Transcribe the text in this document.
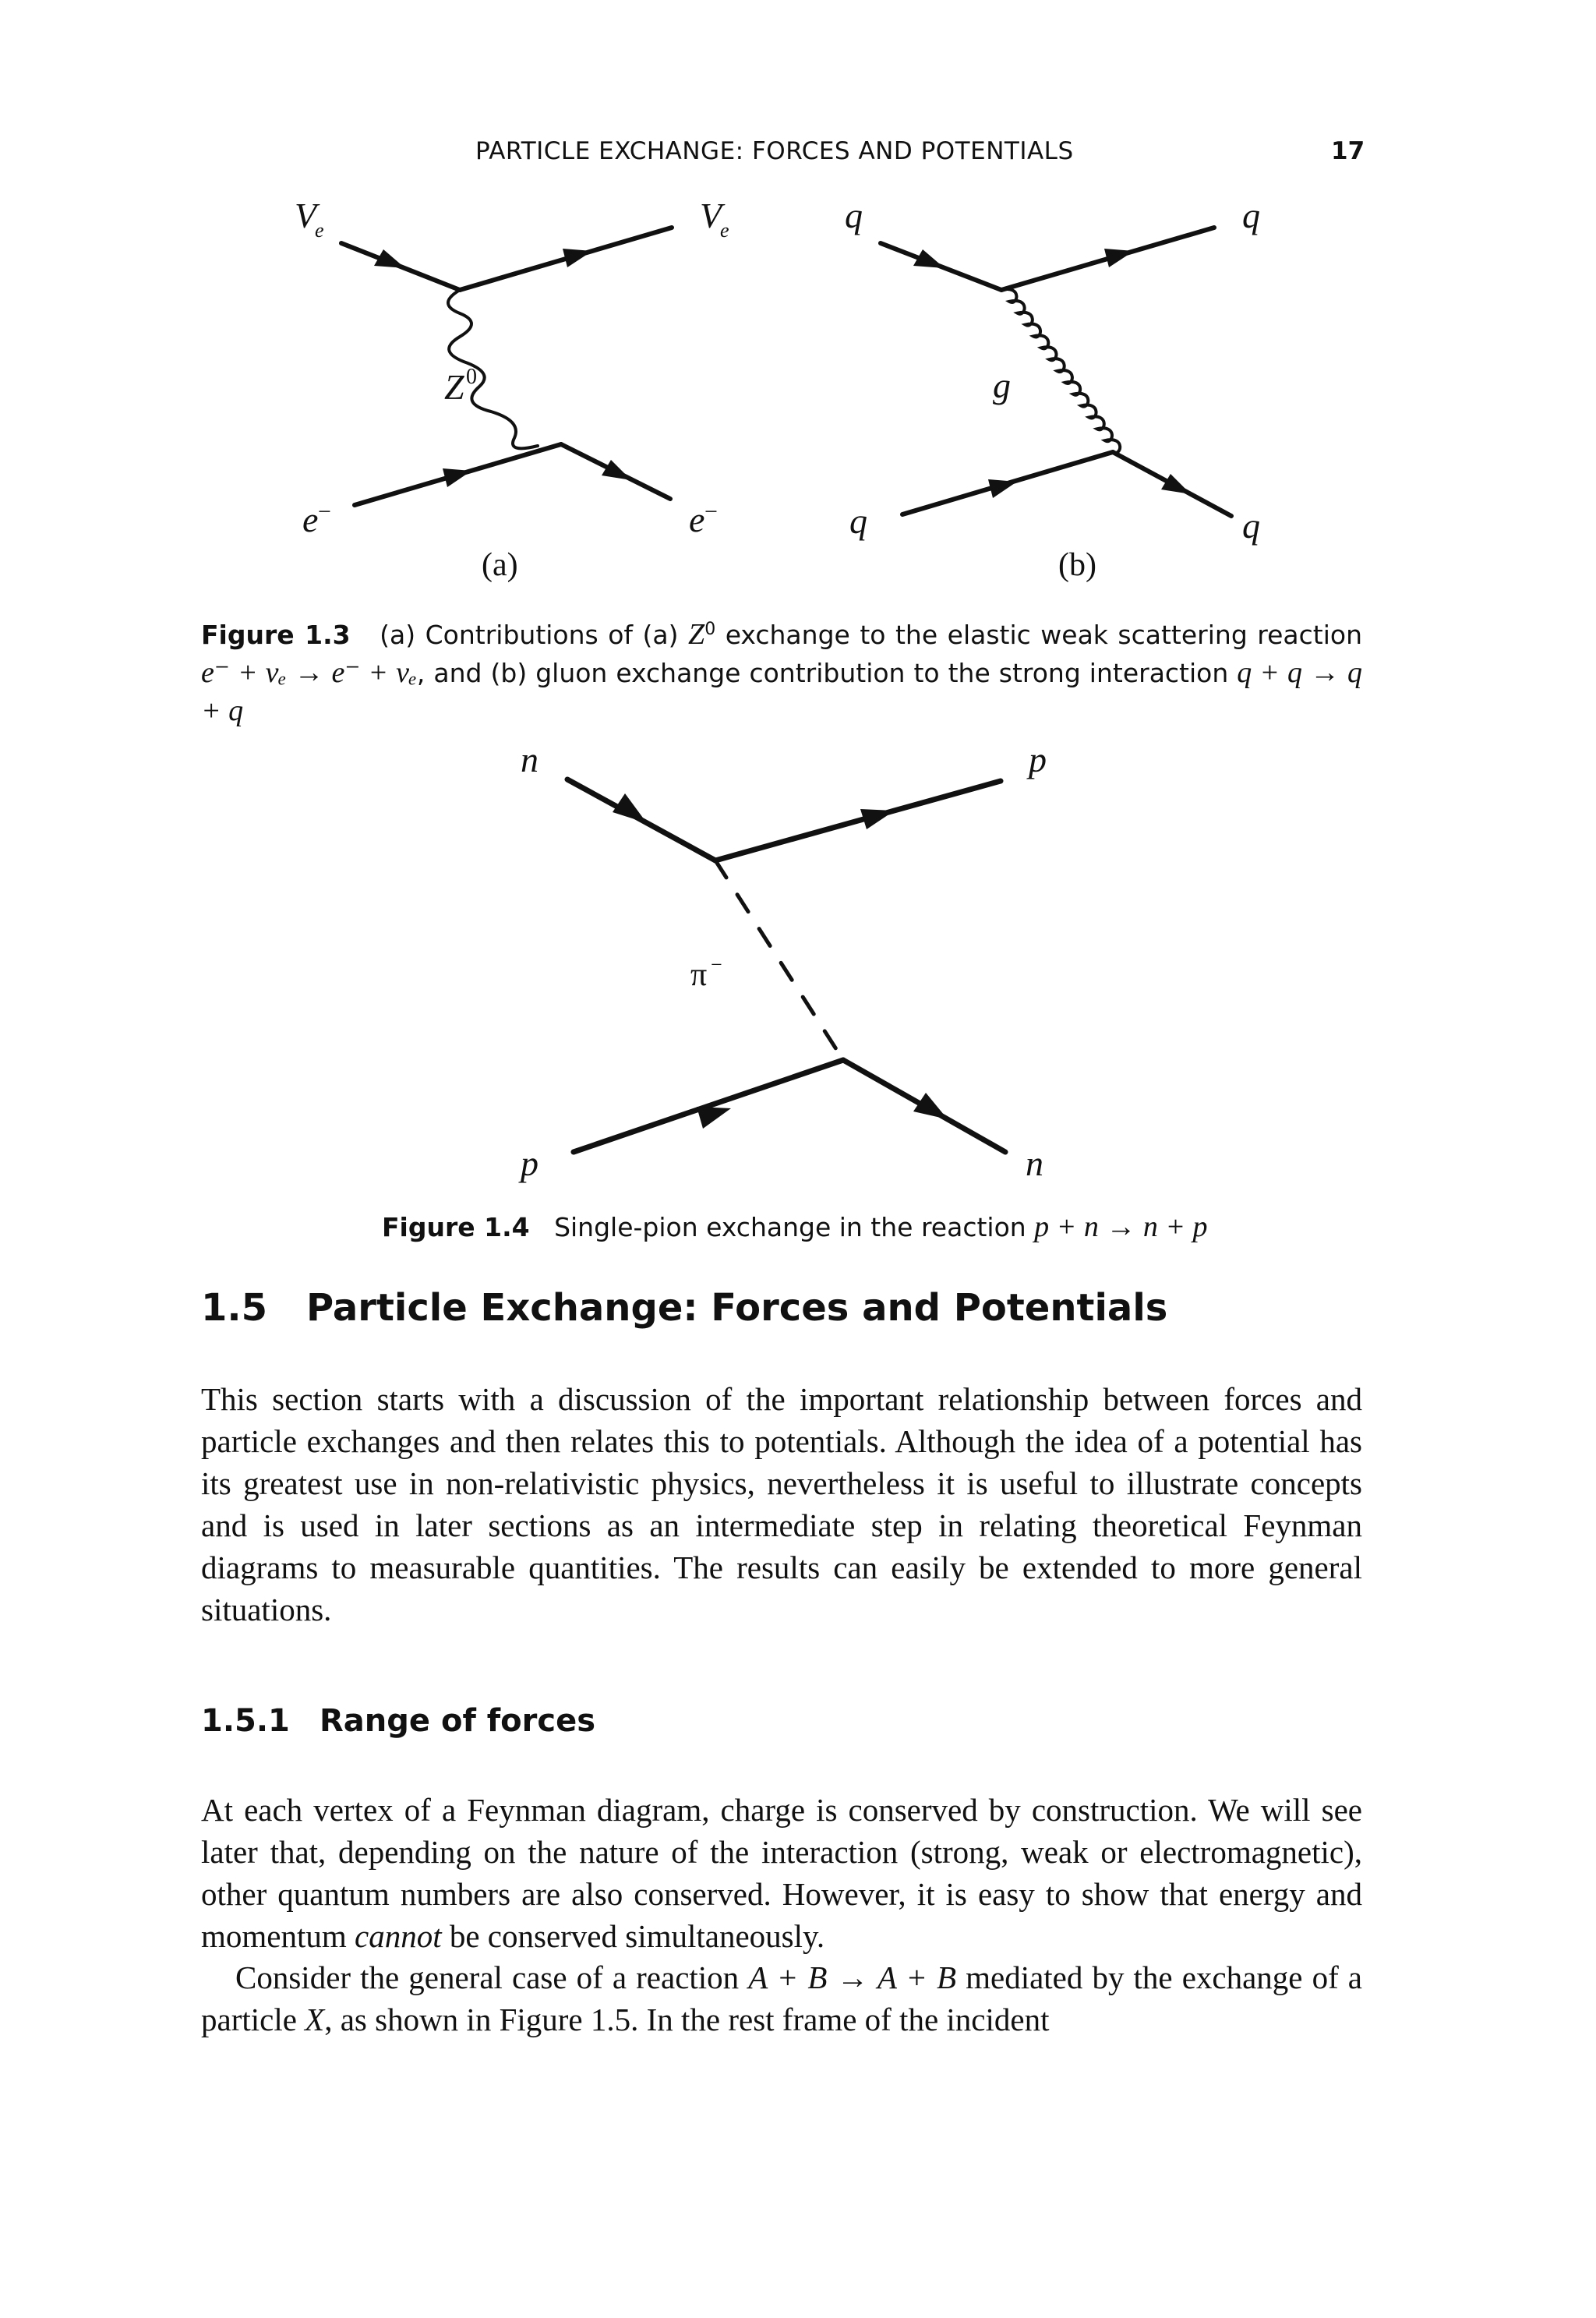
PARTICLE EXCHANGE: FORCES AND POTENTIALS	17
V
e	V
e
Z 0
e −	e −
(a)
q	q
g
q	q
(b)
Figure 1.3 (a) Contributions of (a) $Z^0$ exchange to the elastic weak scattering reaction e⁻ + νₑ → e⁻ + νₑ, and (b) gluon exchange contribution to the strong interaction q + q → q + q
n	p
π −
p	n
Figure 1.4 Single-pion exchange in the reaction p + n → n + p
1.5 Particle Exchange: Forces and Potentials
This section starts with a discussion of the important relationship between forces and particle exchanges and then relates this to potentials. Although the idea of a potential has its greatest use in non-relativistic physics, nevertheless it is useful to illustrate concepts and is used in later sections as an intermediate step in relating theoretical Feynman diagrams to measurable quantities. The results can easily be extended to more general situations.
1.5.1 Range of forces
At each vertex of a Feynman diagram, charge is conserved by construction. We will see later that, depending on the nature of the interaction (strong, weak or electromagnetic), other quantum numbers are also conserved. However, it is easy to show that energy and momentum cannot be conserved simultaneously.
Consider the general case of a reaction A + B → A + B mediated by the exchange of a particle X, as shown in Figure 1.5. In the rest frame of the incident
